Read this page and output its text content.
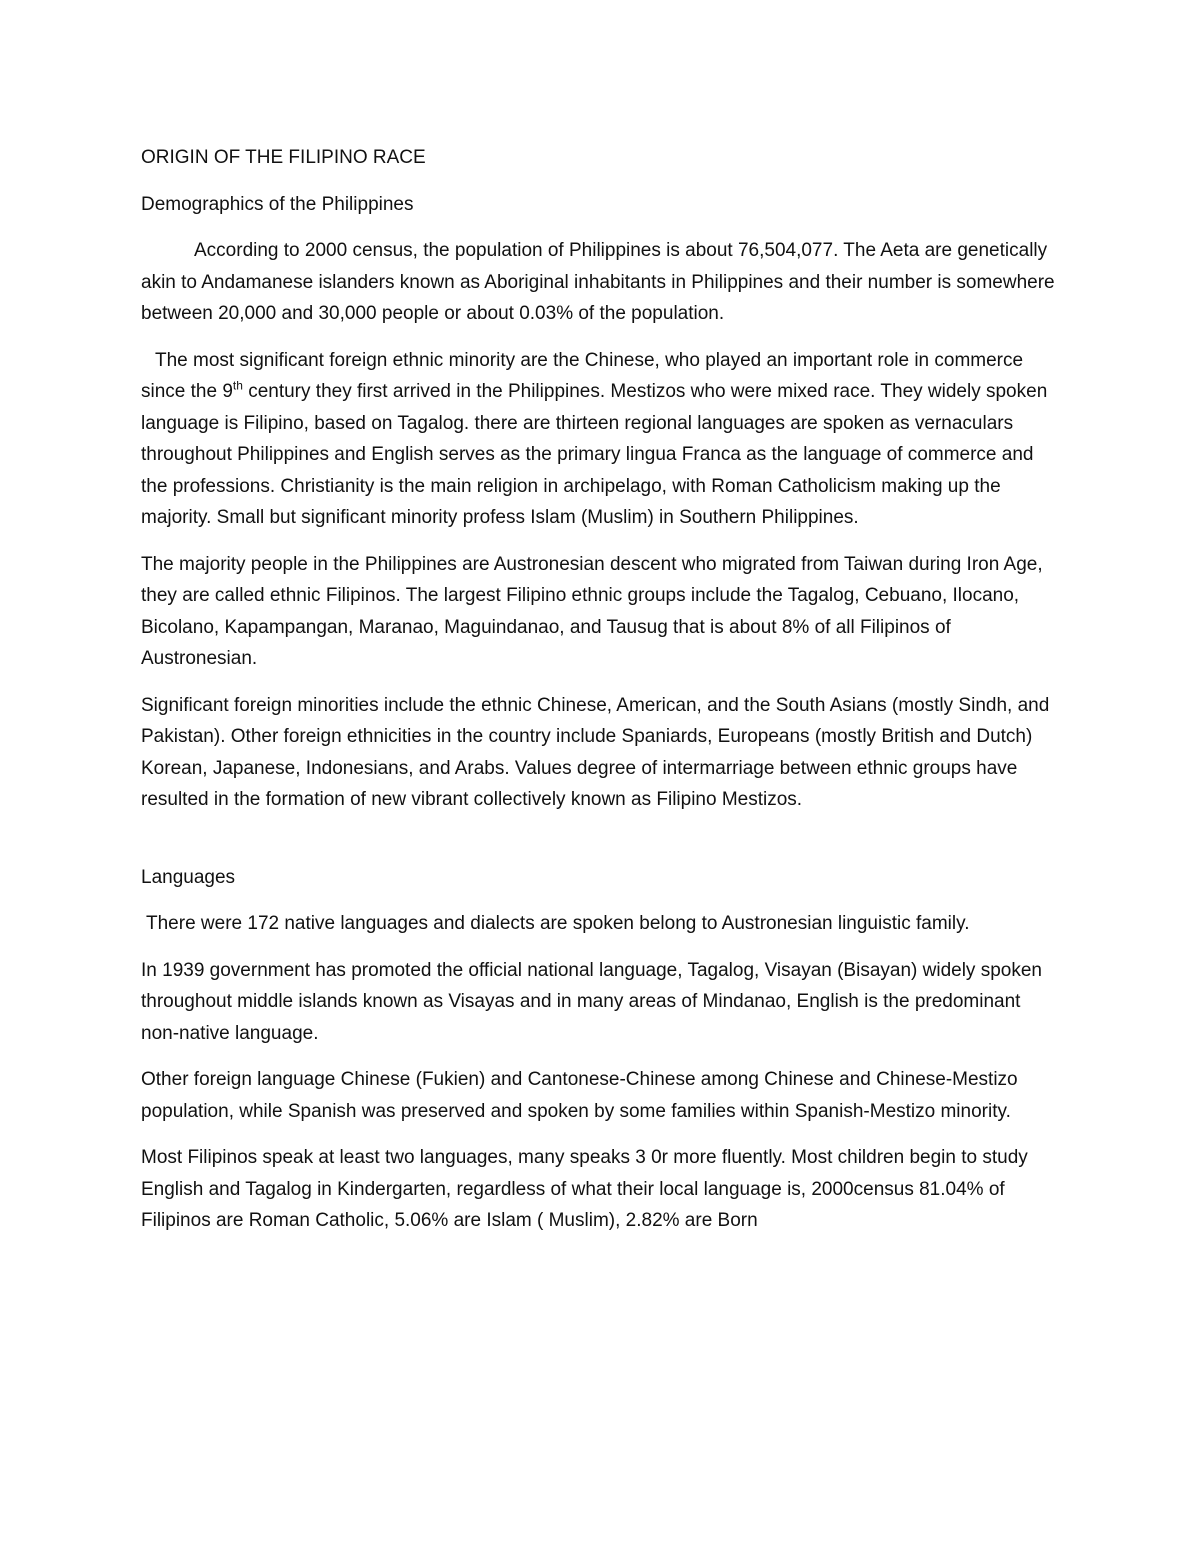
ORIGIN OF THE FILIPINO RACE

Demographics of the Philippines

According to 2000 census, the population of Philippines is about 76,504,077. The Aeta are genetically akin to Andamanese islanders known as Aboriginal inhabitants in Philippines and their number is somewhere between 20,000 and 30,000 people or about 0.03% of the population.

The most significant foreign ethnic minority are the Chinese, who played an important role in commerce since the 9th century they first arrived in the Philippines. Mestizos who were mixed race. They widely spoken language is Filipino, based on Tagalog. there are thirteen regional languages are spoken as vernaculars throughout Philippines and English serves as the primary lingua Franca as the language of commerce and the professions. Christianity is the main religion in archipelago, with Roman Catholicism making up the majority. Small but significant minority profess Islam (Muslim) in Southern Philippines.

The majority people in the Philippines are Austronesian descent who migrated from Taiwan during Iron Age, they are called ethnic Filipinos. The largest Filipino ethnic groups include the Tagalog, Cebuano, Ilocano, Bicolano, Kapampangan, Maranao, Maguindanao, and Tausug that is about 8% of all Filipinos of Austronesian.

Significant foreign minorities include the ethnic Chinese, American, and the South Asians (mostly Sindh, and Pakistan). Other foreign ethnicities in the country include Spaniards, Europeans (mostly British and Dutch) Korean, Japanese, Indonesians, and Arabs. Values degree of intermarriage between ethnic groups have resulted in the formation of new vibrant collectively known as Filipino Mestizos.

Languages

There were 172 native languages and dialects are spoken belong to Austronesian linguistic family.

In 1939 government has promoted the official national language, Tagalog, Visayan (Bisayan) widely spoken throughout middle islands known as Visayas and in many areas of Mindanao, English is the predominant non-native language.

Other foreign language Chinese (Fukien) and Cantonese-Chinese among Chinese and Chinese-Mestizo population, while Spanish was preserved and spoken by some families within Spanish-Mestizo minority.

Most Filipinos speak at least two languages, many speaks 3 0r more fluently. Most children begin to study English and Tagalog in Kindergarten, regardless of what their local language is, 2000census 81.04% of Filipinos are Roman Catholic, 5.06% are Islam ( Muslim), 2.82% are Born
